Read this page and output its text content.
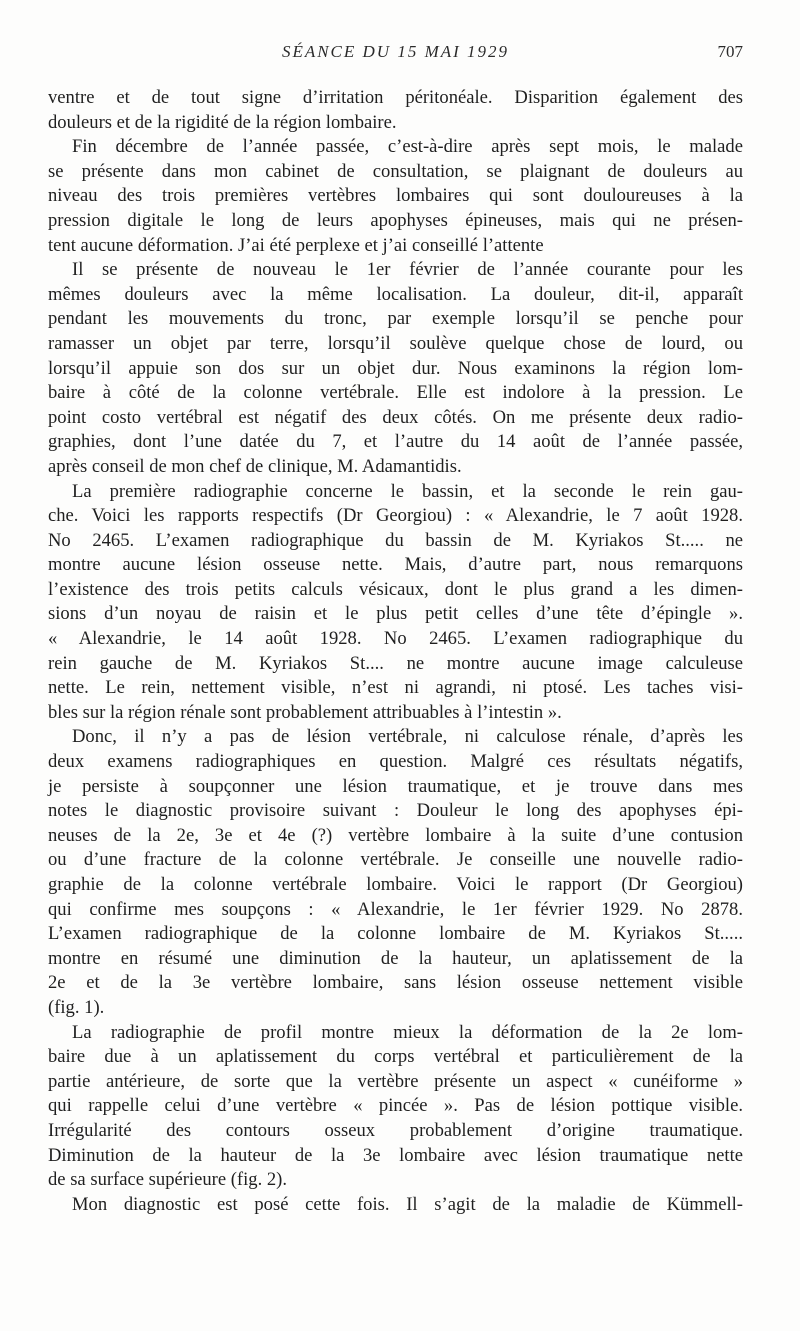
SÉANCE DU 15 MAI 1929	707
ventre et de tout signe d’irritation péritonéale. Disparition également des
douleurs et de la rigidité de la région lombaire.
Fin décembre de l’année passée, c’est-à-dire après sept mois, le malade
se présente dans mon cabinet de consultation, se plaignant de douleurs au
niveau des trois premières vertèbres lombaires qui sont douloureuses à la
pression digitale le long de leurs apophyses épineuses, mais qui ne présen-
tent aucune déformation. J’ai été perplexe et j’ai conseillé l’attente
Il se présente de nouveau le 1er février de l’année courante pour les
mêmes douleurs avec la même localisation. La douleur, dit-il, apparaît
pendant les mouvements du tronc, par exemple lorsqu’il se penche pour
ramasser un objet par terre, lorsqu’il soulève quelque chose de lourd, ou
lorsqu’il appuie son dos sur un objet dur. Nous examinons la région lom-
baire à côté de la colonne vertébrale. Elle est indolore à la pression. Le
point costo vertébral est négatif des deux côtés. On me présente deux radio-
graphies, dont l’une datée du 7, et l’autre du 14 août de l’année passée,
après conseil de mon chef de clinique, M. Adamantidis.
La première radiographie concerne le bassin, et la seconde le rein gau-
che. Voici les rapports respectifs (Dr Georgiou) : « Alexandrie, le 7 août 1928.
No 2465. L’examen radiographique du bassin de M. Kyriakos St..... ne
montre aucune lésion osseuse nette. Mais, d’autre part, nous remarquons
l’existence des trois petits calculs vésicaux, dont le plus grand a les dimen-
sions d’un noyau de raisin et le plus petit celles d’une tête d’épingle ».
« Alexandrie, le 14 août 1928. No 2465. L’examen radiographique du
rein gauche de M. Kyriakos St.... ne montre aucune image calculeuse
nette. Le rein, nettement visible, n’est ni agrandi, ni ptosé. Les taches visi-
bles sur la région rénale sont probablement attribuables à l’intestin ».
Donc, il n’y a pas de lésion vertébrale, ni calculose rénale, d’après les
deux examens radiographiques en question. Malgré ces résultats négatifs,
je persiste à soupçonner une lésion traumatique, et je trouve dans mes
notes le diagnostic provisoire suivant : Douleur le long des apophyses épi-
neuses de la 2e, 3e et 4e (?) vertèbre lombaire à la suite d’une contusion
ou d’une fracture de la colonne vertébrale. Je conseille une nouvelle radio-
graphie de la colonne vertébrale lombaire. Voici le rapport (Dr Georgiou)
qui confirme mes soupçons : « Alexandrie, le 1er février 1929. No 2878.
L’examen radiographique de la colonne lombaire de M. Kyriakos St.....
montre en résumé une diminution de la hauteur, un aplatissement de la
2e et de la 3e vertèbre lombaire, sans lésion osseuse nettement visible
(fig. 1).
La radiographie de profil montre mieux la déformation de la 2e lom-
baire due à un aplatissement du corps vertébral et particulièrement de la
partie antérieure, de sorte que la vertèbre présente un aspect « cunéiforme »
qui rappelle celui d’une vertèbre « pincée ». Pas de lésion pottique visible.
Irrégularité des contours osseux probablement d’origine traumatique.
Diminution de la hauteur de la 3e lombaire avec lésion traumatique nette
de sa surface supérieure (fig. 2).
Mon diagnostic est posé cette fois. Il s’agit de la maladie de Kümmell-
